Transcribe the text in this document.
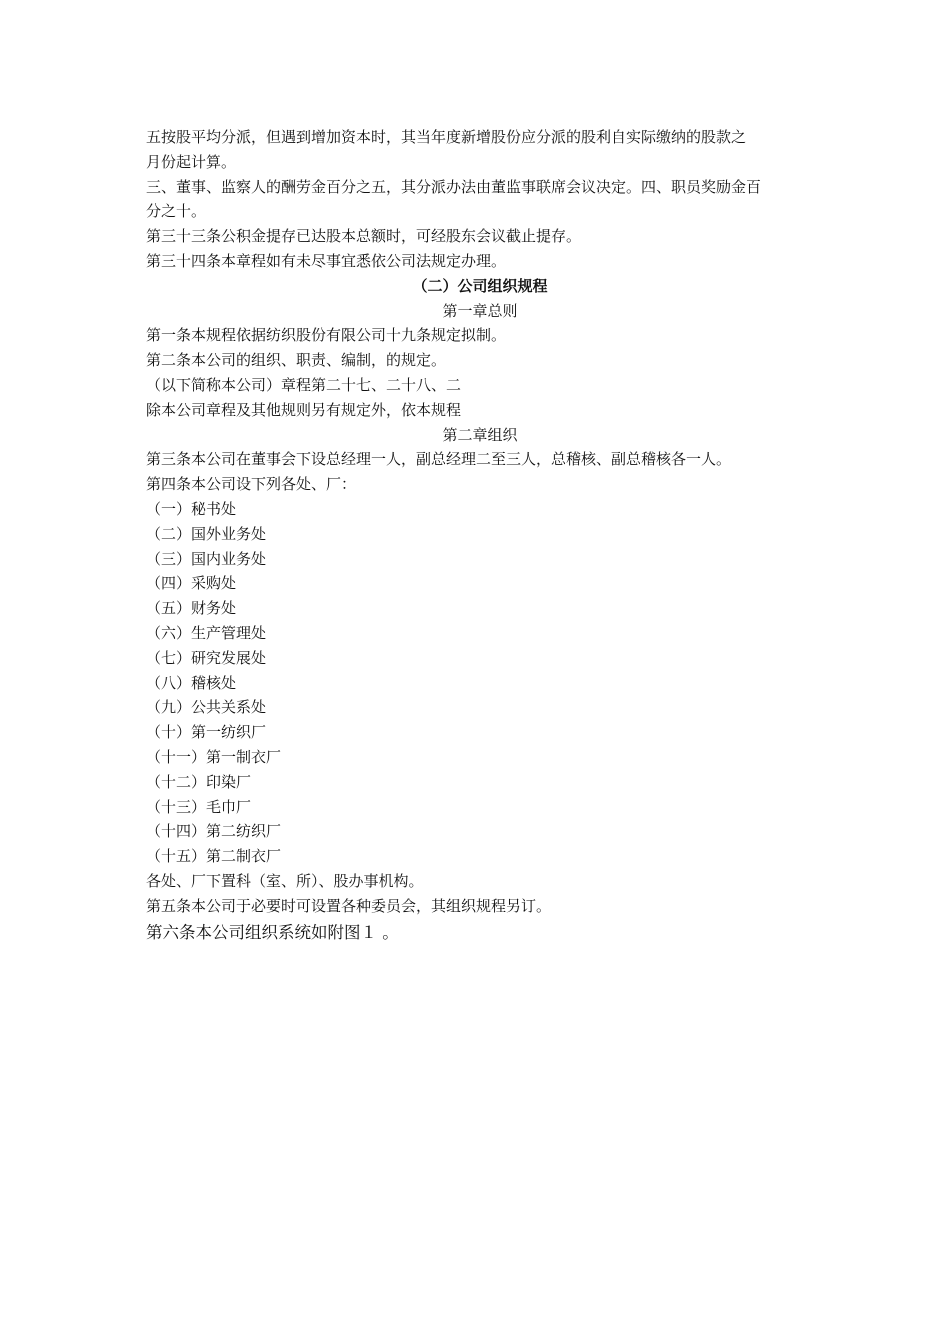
五按股平均分派，但遇到增加资本时，其当年度新增股份应分派的股利自实际缴纳的股款之
月份起计算。
三、董事、监察人的酬劳金百分之五，其分派办法由董监事联席会议决定。四、职员奖励金百
分之十。
第三十三条公积金提存已达股本总额时，可经股东会议截止提存。
第三十四条本章程如有未尽事宜悉依公司法规定办理。
（二）公司组织规程
第一章总则
第一条本规程依据纺织股份有限公司十九条规定拟制。
第二条本公司的组织、职责、编制，的规定。
（以下简称本公司）章程第二十七、二十八、二
除本公司章程及其他规则另有规定外，依本规程
第二章组织
第三条本公司在董事会下设总经理一人，副总经理二至三人，总稽核、副总稽核各一人。
第四条本公司设下列各处、厂：
（一）秘书处
（二）国外业务处
（三）国内业务处
（四）采购处
（五）财务处
（六）生产管理处
（七）研究发展处
（八）稽核处
（九）公共关系处
（十）第一纺织厂
（十一）第一制衣厂
（十二）印染厂
（十三）毛巾厂
（十四）第二纺织厂
（十五）第二制衣厂
各处、厂下置科（室、所）、股办事机构。
第五条本公司于必要时可设置各种委员会，其组织规程另订。
第六条本公司组织系统如附图１ 。
